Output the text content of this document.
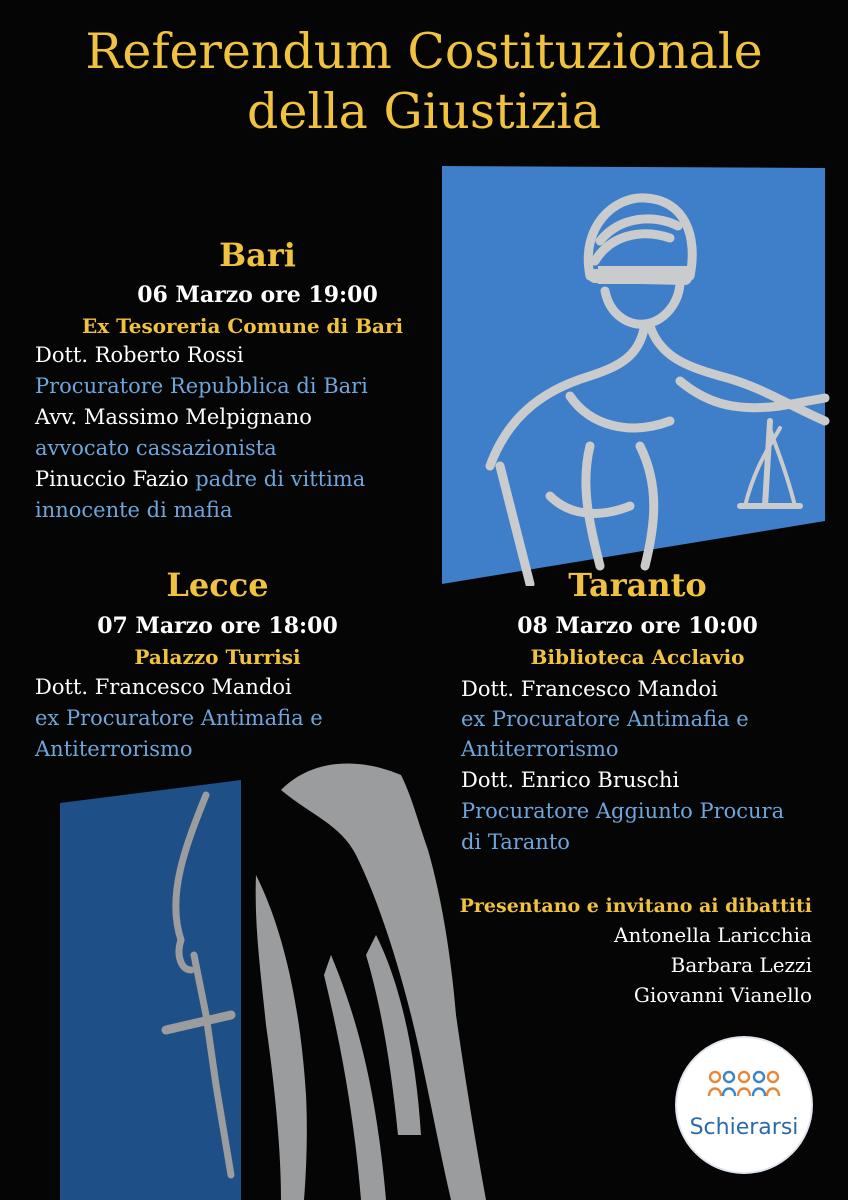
Referendum Costituzionale
della Giustizia
Bari
06 Marzo ore 19:00
Ex Tesoreria Comune di Bari
Dott. Roberto Rossi
Procuratore Repubblica di Bari
Avv. Massimo Melpignano
avvocato cassazionista
Pinuccio Fazio padre di vittima
innocente di mafia
Lecce
07 Marzo ore 18:00
Palazzo Turrisi
Dott. Francesco Mandoi
ex Procuratore Antimafia e
Antiterrorismo
Taranto
08 Marzo ore 10:00
Biblioteca Acclavio
Dott. Francesco Mandoi
ex Procuratore Antimafia e
Antiterrorismo
Dott. Enrico Bruschi
Procuratore Aggiunto Procura
di Taranto
Presentano e invitano ai dibattiti
Antonella Laricchia
Barbara Lezzi
Giovanni Vianello
Schierarsi
